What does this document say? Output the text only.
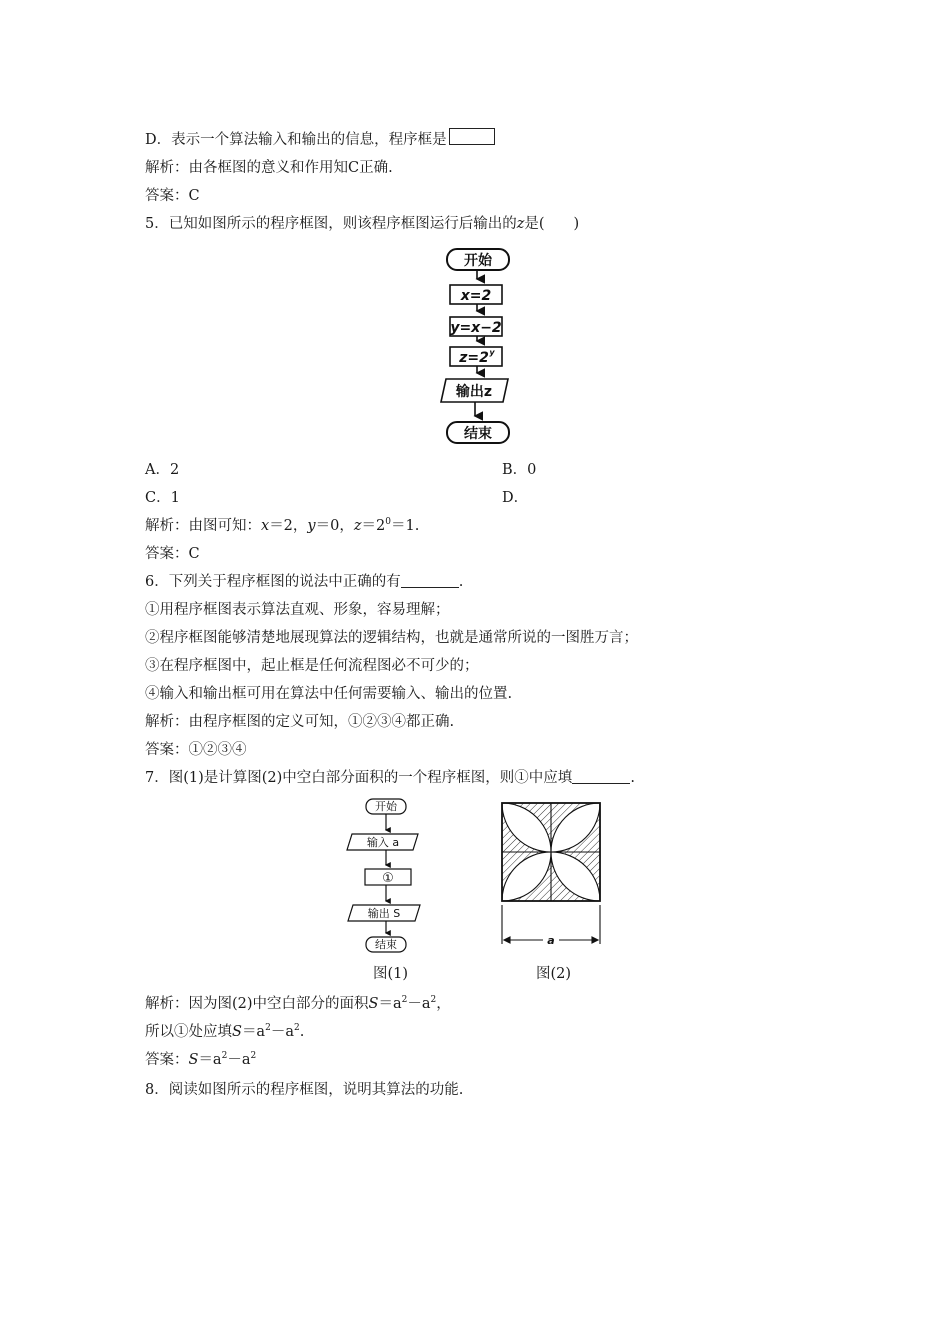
D．表示一个算法输入和输出的信息，程序框是
解析：由各框图的意义和作用知C正确.
答案：C
5．已知如图所示的程序框图，则该程序框图运行后输出的z是(　　)
开始
x=2
y=x−2
z=2 y
输出z
结束
A．2	B．0
C．1	D．
解析：由图可知：x＝2，y＝0，$z=2^0=1$.
答案：C
6．下列关于程序框图的说法中正确的有	.
①用程序框图表示算法直观、形象，容易理解；
②程序框图能够清楚地展现算法的逻辑结构，也就是通常所说的一图胜万言；
③在程序框图中，起止框是任何流程图必不可少的；
④输入和输出框可用在算法中任何需要输入、输出的位置.
解析：由程序框图的定义可知，①②③④都正确.
答案：①②③④
7．图(1)是计算图(2)中空白部分面积的一个程序框图，则①中应填	.
开始
输入 a
①
输出 S
结束
图(1)
a
图(2)
解析：因为图(2)中空白部分的面积$S=a^2-a^2$，
所以①处应填$S=a^2-a^2$.
答案：$S=a^2-a^2$
8．阅读如图所示的程序框图，说明其算法的功能.
